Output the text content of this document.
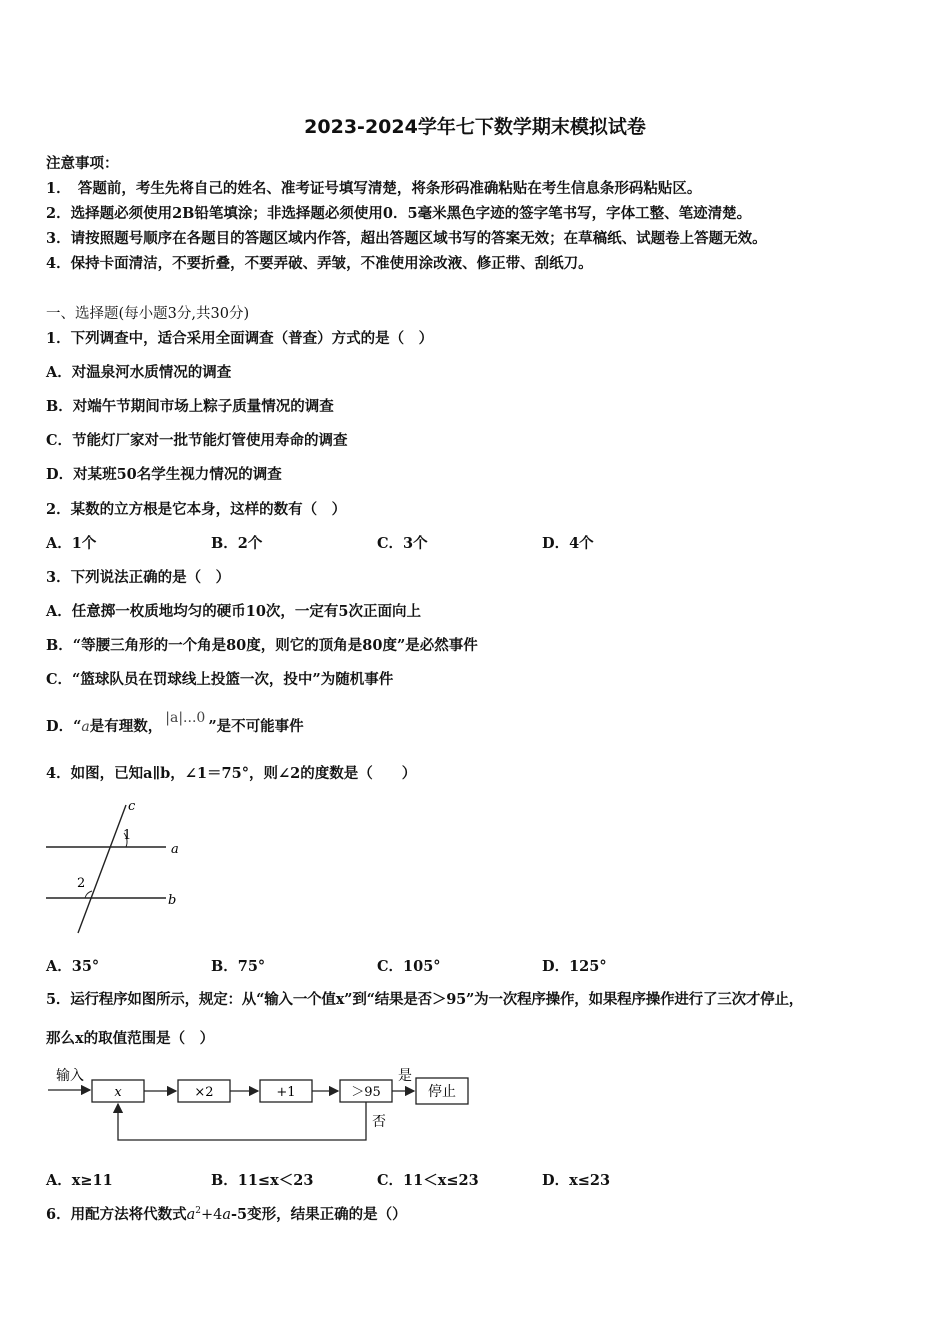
2023-2024学年七下数学期末模拟试卷
注意事项：
1．　答题前，考生先将自己的姓名、准考证号填写清楚，将条形码准确粘贴在考生信息条形码粘贴区。
2．选择题必须使用2B铅笔填涂；非选择题必须使用0．5毫米黑色字迹的签字笔书写，字体工整、笔迹清楚。
3．请按照题号顺序在各题目的答题区域内作答，超出答题区域书写的答案无效；在草稿纸、试题卷上答题无效。
4．保持卡面清洁，不要折叠，不要弄破、弄皱，不准使用涂改液、修正带、刮纸刀。
一、选择题(每小题3分,共30分)
1．下列调查中，适合采用全面调查（普查）方式的是（　）
A．对温泉河水质情况的调查
B．对端午节期间市场上粽子质量情况的调查
C．节能灯厂家对一批节能灯管使用寿命的调查
D．对某班50名学生视力情况的调查
2．某数的立方根是它本身，这样的数有（　）
A．1个	B．2个	C．3个	D．4个
3．下列说法正确的是（　）
A．任意掷一枚质地均匀的硬币10次，一定有5次正面向上
B．“等腰三角形的一个角是80度，则它的顶角是80度”是必然事件
C．“篮球队员在罚球线上投篮一次，投中”为随机事件
D．“a是有理数， |a|...0 ”是不可能事件
4．如图，已知a∥b，∠1＝75°，则∠2的度数是（　　）
c
a
b
1
2
A．35°	B．75°	C．105°	D．125°
5．运行程序如图所示，规定：从“输入一个值x”到“结果是否＞95”为一次程序操作，如果程序操作进行了三次才停止，
那么x的取值范围是（　）
输入
x	×2	+1	＞95
是
停止
否
A．x≥11	B．11≤x＜23	C．11＜x≤23	D．x≤23
6．用配方法将代数式$a^2+4a-5$变形，结果正确的是（）
